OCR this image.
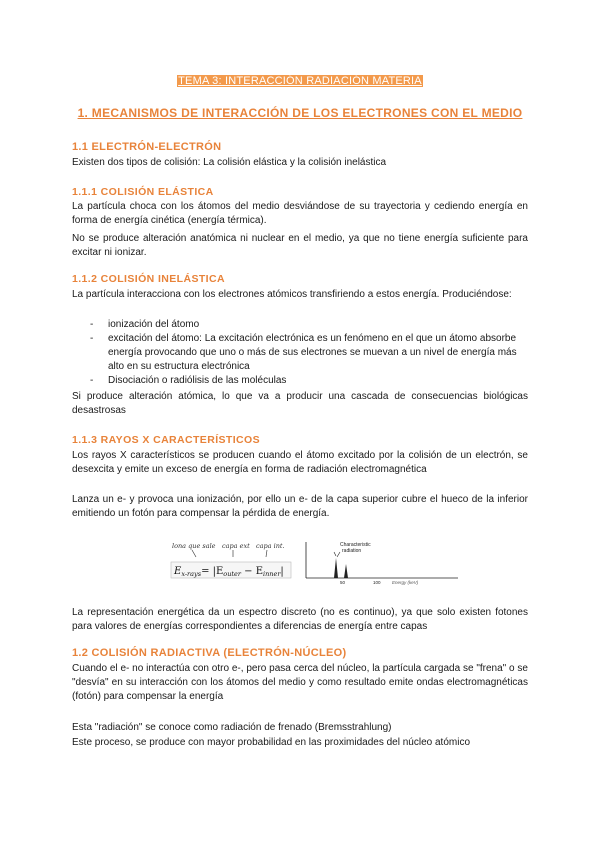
TEMA 3: INTERACCIÓN RADIACIÓN MATERIA
1. MECANISMOS DE INTERACCIÓN DE LOS ELECTRONES CON EL MEDIO
1.1 ELECTRÓN-ELECTRÓN
Existen dos tipos de colisión: La colisión elástica y la colisión inelástica
1.1.1 COLISIÓN ELÁSTICA
La partícula choca con los átomos del medio desviándose de su trayectoria y cediendo energía en forma de energía cinética (energía térmica).
No se produce alteración anatómica ni nuclear en el medio, ya que no tiene energía suficiente para excitar ni ionizar.
1.1.2 COLISIÓN INELÁSTICA
La partícula interacciona con los electrones atómicos transfiriendo a estos energía. Produciéndose:
- ionización del átomo
- excitación del átomo: La excitación electrónica es un fenómeno en el que un átomo absorbe energía provocando que uno o más de sus electrones se muevan a un nivel de energía más alto en su estructura electrónica
- Disociación o radiólisis de las moléculas
Si produce alteración atómica, lo que va a producir una cascada de consecuencias biológicas desastrosas
1.1.3 RAYOS X CARACTERÍSTICOS
Los rayos X característicos se producen cuando el átomo excitado por la colisión de un electrón, se desexcita y emite un exceso de energía en forma de radiación electromagnética
Lanza un e- y provoca una ionización, por ello un e- de la capa superior cubre el hueco de la inferior emitiendo un fotón para compensar la pérdida de energía.
lona que sale capa ext capa int.
$E_{x-rays}= |E_{outer} - E_{inner}|$
Characteristic
radiation
50	100	Energy (keV)
La representación energética da un espectro discreto (no es continuo), ya que solo existen fotones para valores de energías correspondientes a diferencias de energía entre capas
1.2 COLISIÓN RADIACTIVA (ELECTRÓN-NÚCLEO)
Cuando el e- no interactúa con otro e-, pero pasa cerca del núcleo, la partícula cargada se "frena" o se "desvía" en su interacción con los átomos del medio y como resultado emite ondas electromagnéticas (fotón) para compensar la energía
Esta "radiación" se conoce como radiación de frenado (Bremsstrahlung)
Este proceso, se produce con mayor probabilidad en las proximidades del núcleo atómico
